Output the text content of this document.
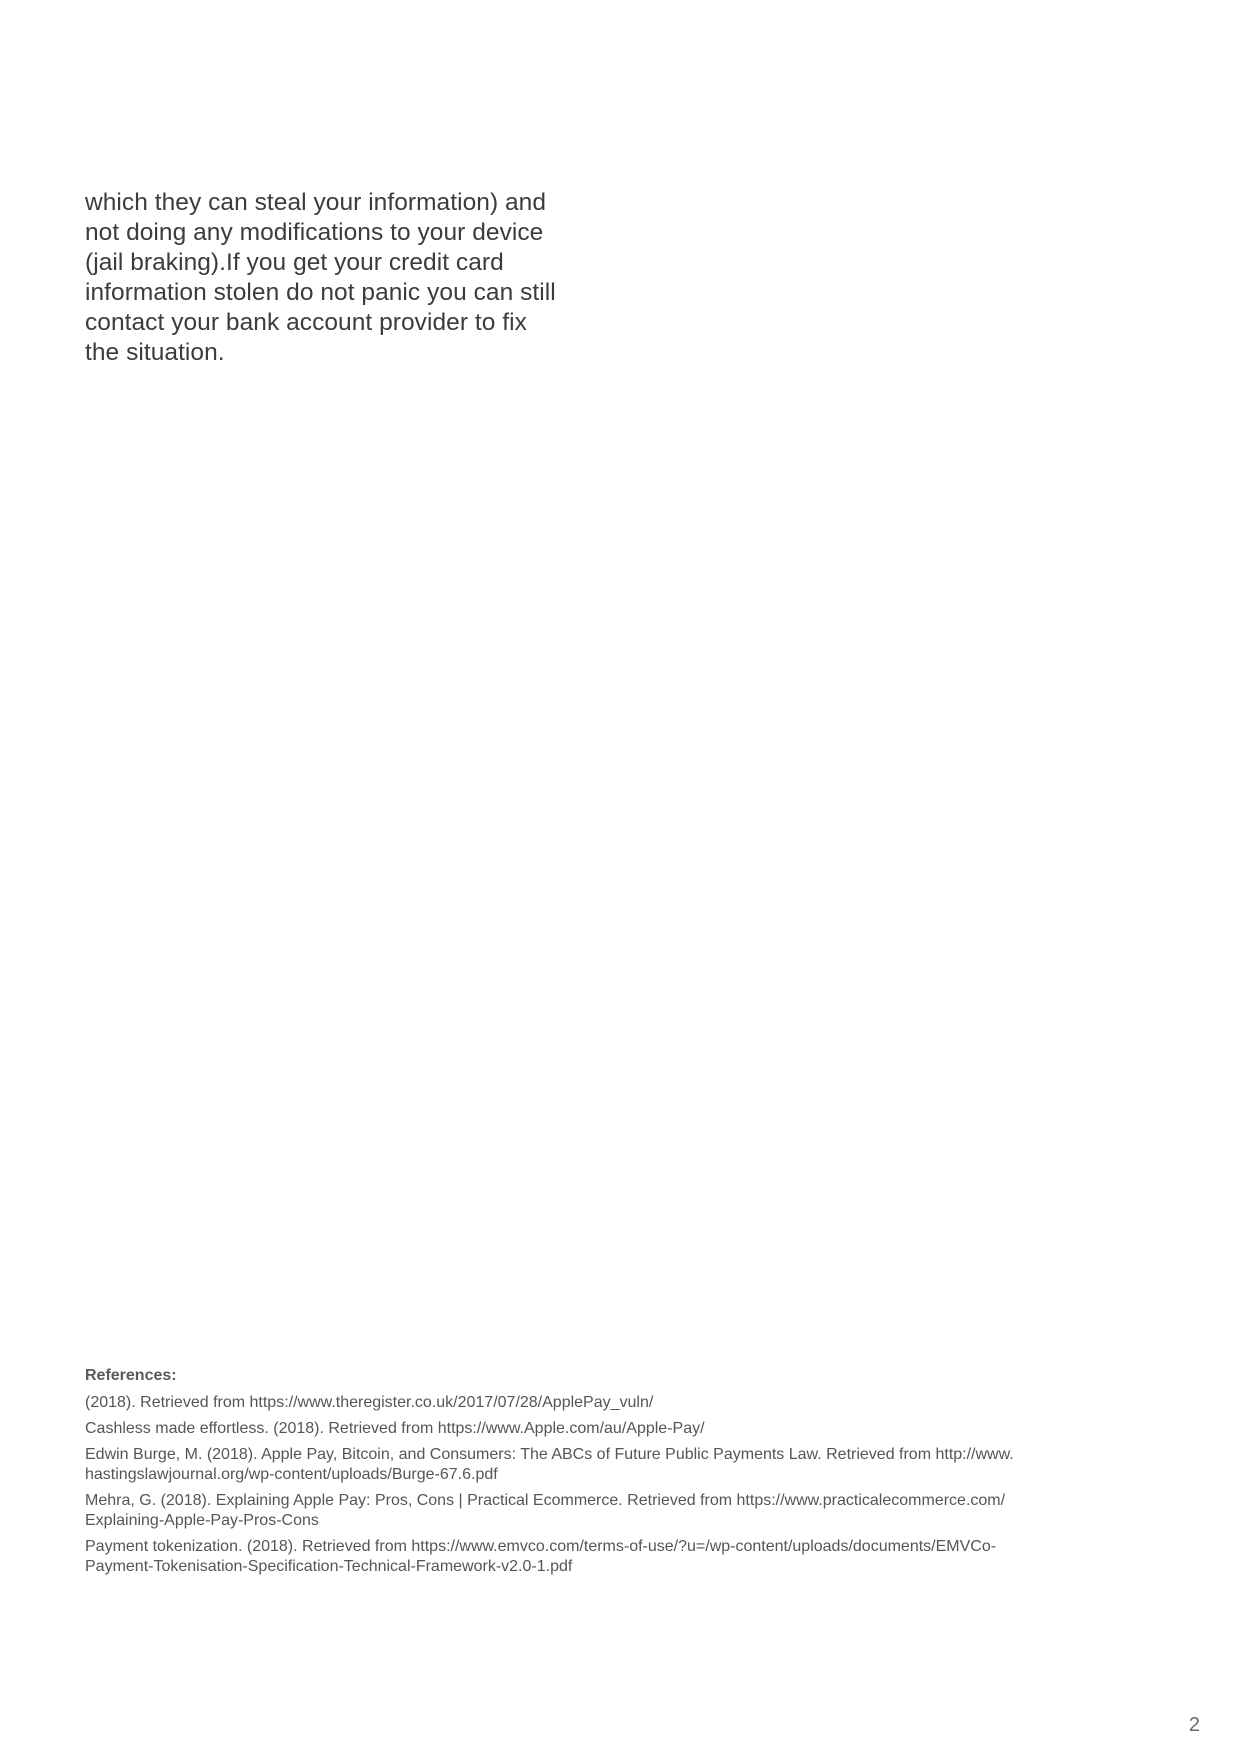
which they can steal your information) and
not doing any modifications to your device
(jail braking).If you get your credit card
information stolen do not panic you can still
contact your bank account provider to fix
the situation.

References:
(2018). Retrieved from https://www.theregister.co.uk/2017/07/28/ApplePay_vuln/
Cashless made effortless. (2018). Retrieved from https://www.Apple.com/au/Apple-Pay/
Edwin Burge, M. (2018). Apple Pay, Bitcoin, and Consumers: The ABCs of Future Public Payments Law. Retrieved from http://www.
hastingslawjournal.org/wp-content/uploads/Burge-67.6.pdf
Mehra, G. (2018). Explaining Apple Pay: Pros, Cons | Practical Ecommerce. Retrieved from https://www.practicalecommerce.com/
Explaining-Apple-Pay-Pros-Cons
Payment tokenization. (2018). Retrieved from https://www.emvco.com/terms-of-use/?u=/wp-content/uploads/documents/EMVCo-
Payment-Tokenisation-Specification-Technical-Framework-v2.0-1.pdf
2
